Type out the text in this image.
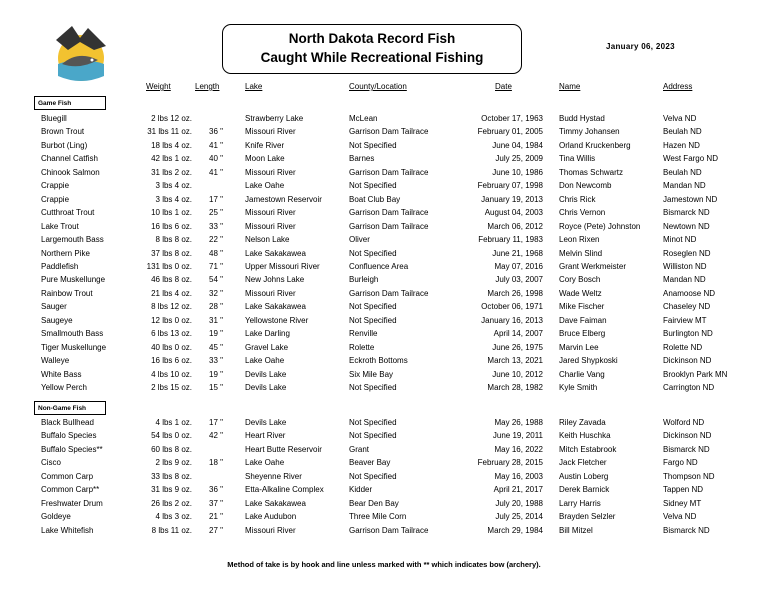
North Dakota Record Fish
Caught While Recreational Fishing
January 06, 2023
Weight	Length	Lake	County/Location	Date	Name	Address
Game Fish
Bluegill	2 lbs 12 oz.	Strawberry Lake	McLean	October 17, 1963 Budd Hystad	Velva ND
Brown Trout	31 lbs 11 oz. 36 "	Missouri River	Garrison Dam Tailrace	February 01, 2005 Timmy Johansen	Beulah ND
Burbot (Ling)	18 lbs 4 oz. 41 "	Knife River	Not Specified	June 04, 1984 Orland Kruckenberg	Hazen ND
Channel Catfish	42 lbs 1 oz. 40 "	Moon Lake	Barnes	July 25, 2009 Tina Willis	West Fargo ND
Chinook Salmon	31 lbs 2 oz. 41 "	Missouri River	Garrison Dam Tailrace	June 10, 1986 Thomas Schwartz	Beulah ND
Crappie	3 lbs 4 oz.	Lake Oahe	Not Specified	February 07, 1998 Don Newcomb	Mandan ND
Crappie	3 lbs 4 oz. 17 "	Jamestown Reservoir	Boat Club Bay	January 19, 2013 Chris Rick	Jamestown ND
Cutthroat Trout	10 lbs 1 oz. 25 "	Missouri River	Garrison Dam Tailrace	August 04, 2003 Chris Vernon	Bismarck ND
Lake Trout	16 lbs 6 oz. 33 "	Missouri River	Garrison Dam Tailrace	March 06, 2012 Royce (Pete) Johnston	Newtown ND
Largemouth Bass	8 lbs 8 oz. 22 "	Nelson Lake	Oliver	February 11, 1983 Leon Rixen	Minot ND
Northern Pike	37 lbs 8 oz. 48 "	Lake Sakakawea	Not Specified	June 21, 1968 Melvin Slind	Roseglen ND
Paddlefish	131 lbs 0 oz. 71 "	Upper Missouri River	Confluence Area	May 07, 2016 Grant Werkmeister	Williston ND
Pure Muskellunge	46 lbs 8 oz. 54 "	New Johns Lake	Burleigh	July 03, 2007 Cory Bosch	Mandan ND
Rainbow Trout	21 lbs 4 oz. 32 "	Missouri River	Garrison Dam Tailrace	March 26, 1998 Wade Weltz	Anamoose ND
Sauger	8 lbs 12 oz. 28 "	Lake Sakakawea	Not Specified	October 06, 1971 Mike Fischer	Chaseley ND
Saugeye	12 lbs 0 oz. 31 "	Yellowstone River	Not Specified	January 16, 2013 Dave Faiman	Fairview MT
Smallmouth Bass	6 lbs 13 oz. 19 "	Lake Darling	Renville	April 14, 2007 Bruce Elberg	Burlington ND
Tiger Muskellunge	40 lbs 0 oz. 45 "	Gravel Lake	Rolette	June 26, 1975 Marvin Lee	Rolette ND
Walleye	16 lbs 6 oz. 33 "	Lake Oahe	Eckroth Bottoms	March 13, 2021 Jared Shypkoski	Dickinson ND
White Bass	4 lbs 10 oz. 19 "	Devils Lake	Six Mile Bay	June 10, 2012 Charlie Vang	Brooklyn Park MN
Yellow Perch	2 lbs 15 oz. 15 "	Devils Lake	Not Specified	March 28, 1982 Kyle Smith	Carrington ND
Non-Game Fish
Black Bullhead	4 lbs 1 oz. 17 "	Devils Lake	Not Specified	May 26, 1988 Riley Zavada	Wolford ND
Buffalo Species	54 lbs 0 oz. 42 "	Heart River	Not Specified	June 19, 2011 Keith Huschka	Dickinson ND
Buffalo Species**	60 lbs 8 oz.	Heart Butte Reservoir	Grant	May 16, 2022 Mitch Estabrook	Bismarck ND
Cisco	2 lbs 9 oz. 18 "	Lake Oahe	Beaver Bay	February 28, 2015 Jack Fletcher	Fargo ND
Common Carp	33 lbs 8 oz.	Sheyenne River	Not Specified	May 16, 2003 Austin Loberg	Thompson ND
Common Carp**	31 lbs 9 oz. 36 "	Etta-Alkaline Complex	Kidder	April 21, 2017 Derek Barnick	Tappen ND
Freshwater Drum	26 lbs 2 oz. 37 "	Lake Sakakawea	Bear Den Bay	July 20, 1988 Larry Harris	Sidney MT
Goldeye	4 lbs 3 oz. 21 "	Lake Audubon	Three Mile Corn	July 25, 2014 Brayden Selzler	Velva ND
Lake Whitefish	8 lbs 11 oz. 27 "	Missouri River	Garrison Dam Tailrace	March 29, 1984 Bill Mitzel	Bismarck ND
Method of take is by hook and line unless marked with ** which indicates bow (archery).
